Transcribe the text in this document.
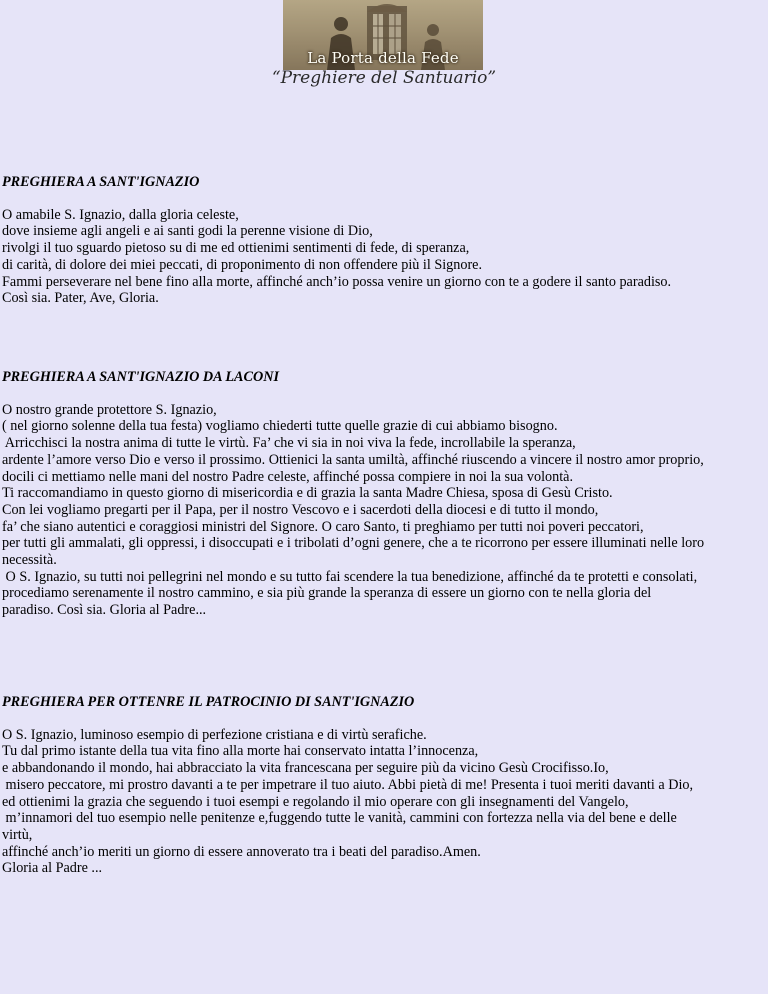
La Porta della Fede
“Preghiere del Santuario”
PREGHIERA A SANT'IGNAZIO
O amabile S. Ignazio, dalla gloria celeste,
dove insieme agli angeli e ai santi godi la perenne visione di Dio,
rivolgi il tuo sguardo pietoso su di me ed ottienimi sentimenti di fede, di speranza,
di carità, di dolore dei miei peccati, di proponimento di non offendere più il Signore.
Fammi perseverare nel bene fino alla morte, affinché anch’io possa venire un giorno con te a godere il santo paradiso.
Così sia. Pater, Ave, Gloria.
PREGHIERA A SANT'IGNAZIO DA LACONI
O nostro grande protettore S. Ignazio,
( nel giorno solenne della tua festa) vogliamo chiederti tutte quelle grazie di cui abbiamo bisogno.
Arricchisci la nostra anima di tutte le virtù. Fa’ che vi sia in noi viva la fede, incrollabile la speranza,
ardente l’amore verso Dio e verso il prossimo. Ottienici la santa umiltà, affinché riuscendo a vincere il nostro amor proprio,
docili ci mettiamo nelle mani del nostro Padre celeste, affinché possa compiere in noi la sua volontà.
Ti raccomandiamo in questo giorno di misericordia e di grazia la santa Madre Chiesa, sposa di Gesù Cristo.
Con lei vogliamo pregarti per il Papa, per il nostro Vescovo e i sacerdoti della diocesi e di tutto il mondo,
fa’ che siano autentici e coraggiosi ministri del Signore. O caro Santo, ti preghiamo per tutti noi poveri peccatori,
per tutti gli ammalati, gli oppressi, i disoccupati e i tribolati d’ogni genere, che a te ricorrono per essere illuminati nelle loro
necessità.
O S. Ignazio, su tutti noi pellegrini nel mondo e su tutto fai scendere la tua benedizione, affinché da te protetti e consolati,
procediamo serenamente il nostro cammino, e sia più grande la speranza di essere un giorno con te nella gloria del
paradiso. Così sia. Gloria al Padre...
PREGHIERA PER OTTENRE IL PATROCINIO DI SANT'IGNAZIO
O S. Ignazio, luminoso esempio di perfezione cristiana e di virtù serafiche.
Tu dal primo istante della tua vita fino alla morte hai conservato intatta l’innocenza,
e abbandonando il mondo, hai abbracciato la vita francescana per seguire più da vicino Gesù Crocifisso.Io,
misero peccatore, mi prostro davanti a te per impetrare il tuo aiuto. Abbi pietà di me! Presenta i tuoi meriti davanti a Dio,
ed ottienimi la grazia che seguendo i tuoi esempi e regolando il mio operare con gli insegnamenti del Vangelo,
m’innamori del tuo esempio nelle penitenze e,fuggendo tutte le vanità, cammini con fortezza nella via del bene e delle
virtù,
affinché anch’io meriti un giorno di essere annoverato tra i beati del paradiso.Amen.
Gloria al Padre ...
